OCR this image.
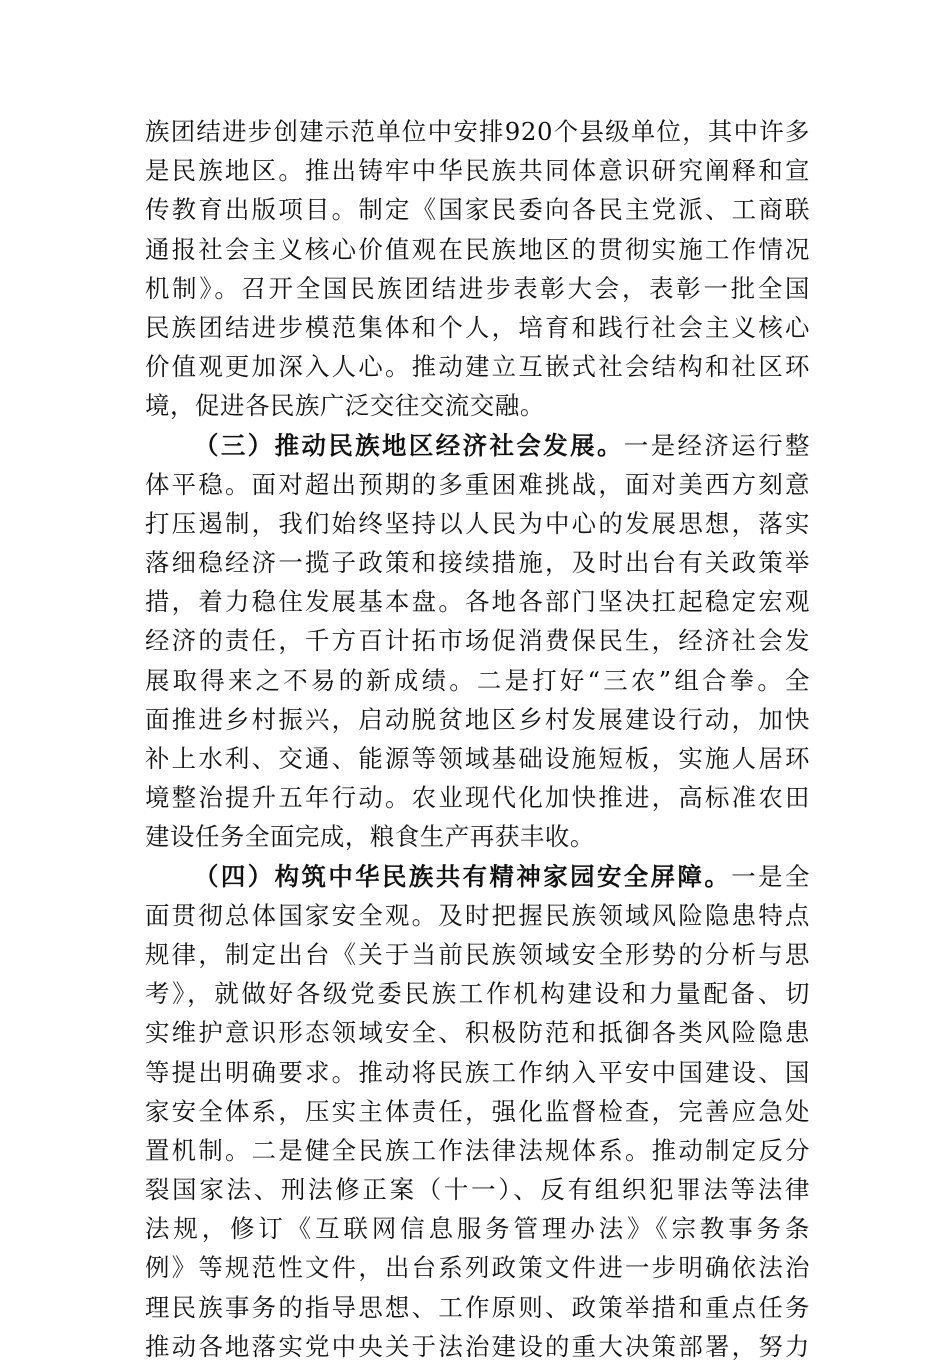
族团结进步创建示范单位中安排920个县级单位，其中许多
是民族地区。推出铸牢中华民族共同体意识研究阐释和宣
传教育出版项目。制定《国家民委向各民主党派、工商联
通报社会主义核心价值观在民族地区的贯彻实施工作情况
机制》。召开全国民族团结进步表彰大会，表彰一批全国
民族团结进步模范集体和个人，培育和践行社会主义核心
价值观更加深入人心。推动建立互嵌式社会结构和社区环
境，促进各民族广泛交往交流交融。
（三）推动民族地区经济社会发展。一是经济运行整
体平稳。面对超出预期的多重困难挑战，面对美西方刻意
打压遏制，我们始终坚持以人民为中心的发展思想，落实
落细稳经济一揽子政策和接续措施，及时出台有关政策举
措，着力稳住发展基本盘。各地各部门坚决扛起稳定宏观
经济的责任，千方百计拓市场促消费保民生，经济社会发
展取得来之不易的新成绩。二是打好“三农”组合拳。全
面推进乡村振兴，启动脱贫地区乡村发展建设行动，加快
补上水利、交通、能源等领域基础设施短板，实施人居环
境整治提升五年行动。农业现代化加快推进，高标准农田
建设任务全面完成，粮食生产再获丰收。
（四）构筑中华民族共有精神家园安全屏障。一是全
面贯彻总体国家安全观。及时把握民族领域风险隐患特点
规律，制定出台《关于当前民族领域安全形势的分析与思
考》，就做好各级党委民族工作机构建设和力量配备、切
实维护意识形态领域安全、积极防范和抵御各类风险隐患
等提出明确要求。推动将民族工作纳入平安中国建设、国
家安全体系，压实主体责任，强化监督检查，完善应急处
置机制。二是健全民族工作法律法规体系。推动制定反分
裂国家法、刑法修正案（十一）、反有组织犯罪法等法律
法规，修订《互联网信息服务管理办法》《宗教事务条
例》等规范性文件，出台系列政策文件进一步明确依法治
理民族事务的指导思想、工作原则、政策举措和重点任务
推动各地落实党中央关于法治建设的重大决策部署，努力
